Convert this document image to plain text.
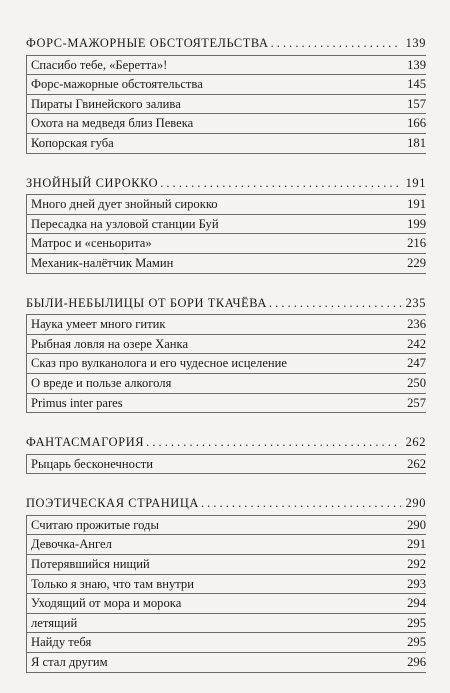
ФОРС-МАЖОРНЫЕ ОБСТОЯТЕЛЬСТВА . . .	139
Спасибо тебе, «Беретта»!	139
Форс-мажорные обстоятельства	145
Пираты Гвинейского залива	157
Охота на медведя близ Певека	166
Копорская губа	181
ЗНОЙНЫЙ СИРОККО . . .	191
Много дней дует знойный сирокко	191
Пересадка на узловой станции Буй	199
Матрос и «сеньорита»	216
Механик-налётчик Мамин	229
БЫЛИ-НЕБЫЛИЦЫ ОТ БОРИ ТКАЧЁВА . . .	235
Наука умеет много гитик	236
Рыбная ловля на озере Ханка	242
Сказ про вулканолога и его чудесное исцеление	247
О вреде и пользе алкоголя	250
Primus inter pares	257
ФАНТАСМАГОРИЯ . . .	262
Рыцарь бесконечности	262
ПОЭТИЧЕСКАЯ СТРАНИЦА . . .	290
Считаю прожитые годы	290
Девочка-Ангел	291
Потерявшийся нищий	292
Только я знаю, что там внутри	293
Уходящий от мора и морока	294
летящий	295
Найду тебя	295
Я стал другим	296
